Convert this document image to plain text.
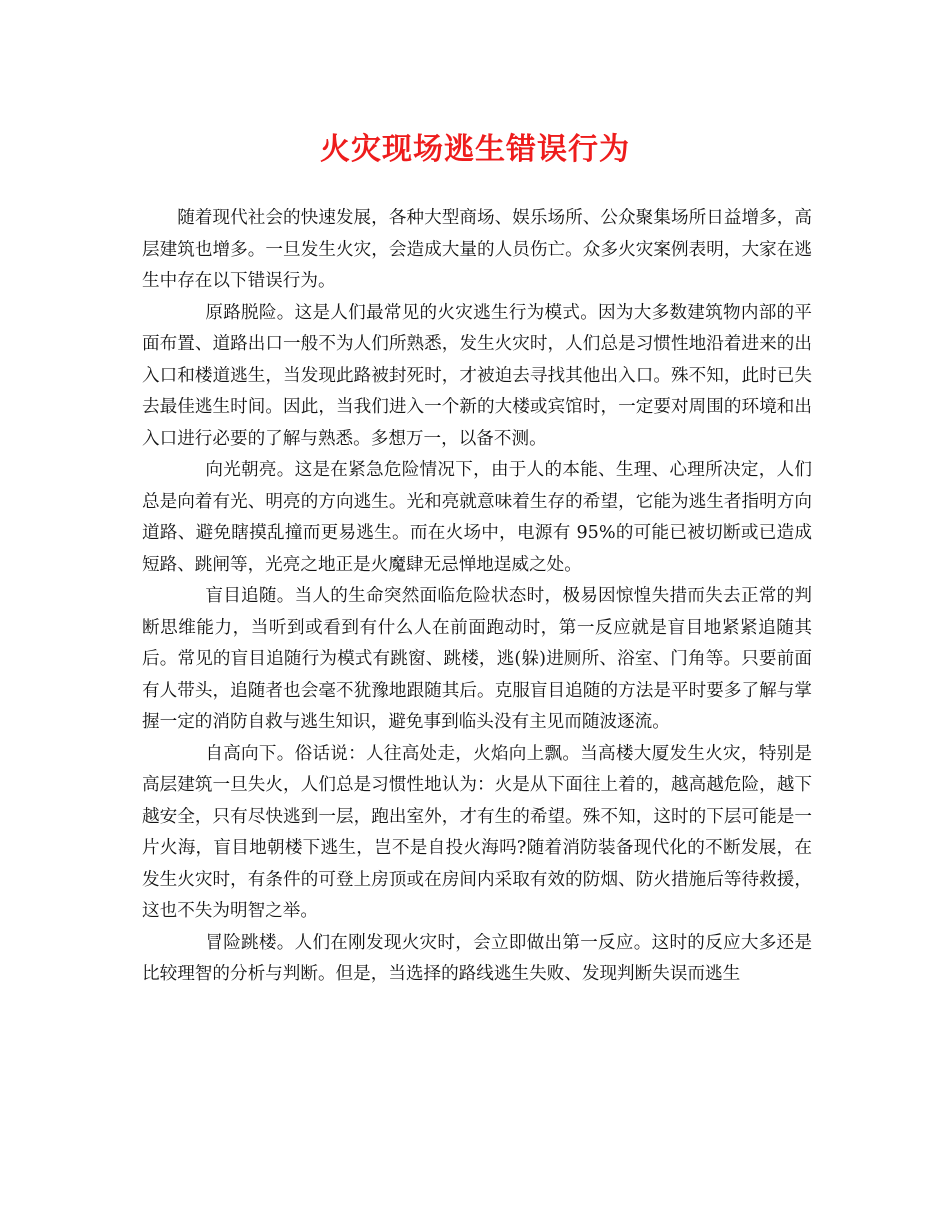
火灾现场逃生错误行为

随着现代社会的快速发展，各种大型商场、娱乐场所、公众聚集场所日益增多，高层建筑也增多。一旦发生火灾，会造成大量的人员伤亡。众多火灾案例表明，大家在逃生中存在以下错误行为。

原路脱险。这是人们最常见的火灾逃生行为模式。因为大多数建筑物内部的平面布置、道路出口一般不为人们所熟悉，发生火灾时，人们总是习惯性地沿着进来的出入口和楼道逃生，当发现此路被封死时，才被迫去寻找其他出入口。殊不知，此时已失去最佳逃生时间。因此，当我们进入一个新的大楼或宾馆时，一定要对周围的环境和出入口进行必要的了解与熟悉。多想万一，以备不测。

向光朝亮。这是在紧急危险情况下，由于人的本能、生理、心理所决定，人们总是向着有光、明亮的方向逃生。光和亮就意味着生存的希望，它能为逃生者指明方向道路、避免瞎摸乱撞而更易逃生。而在火场中，电源有 95%的可能已被切断或已造成短路、跳闸等，光亮之地正是火魔肆无忌惮地逞威之处。

盲目追随。当人的生命突然面临危险状态时，极易因惊惶失措而失去正常的判断思维能力，当听到或看到有什么人在前面跑动时，第一反应就是盲目地紧紧追随其后。常见的盲目追随行为模式有跳窗、跳楼，逃(躲)进厕所、浴室、门角等。只要前面有人带头，追随者也会毫不犹豫地跟随其后。克服盲目追随的方法是平时要多了解与掌握一定的消防自救与逃生知识，避免事到临头没有主见而随波逐流。

自高向下。俗话说：人往高处走，火焰向上飘。当高楼大厦发生火灾，特别是高层建筑一旦失火，人们总是习惯性地认为：火是从下面往上着的，越高越危险，越下越安全，只有尽快逃到一层，跑出室外，才有生的希望。殊不知，这时的下层可能是一片火海，盲目地朝楼下逃生，岂不是自投火海吗?随着消防装备现代化的不断发展，在发生火灾时，有条件的可登上房顶或在房间内采取有效的防烟、防火措施后等待救援，这也不失为明智之举。

冒险跳楼。人们在刚发现火灾时，会立即做出第一反应。这时的反应大多还是比较理智的分析与判断。但是，当选择的路线逃生失败、发现判断失误而逃生
